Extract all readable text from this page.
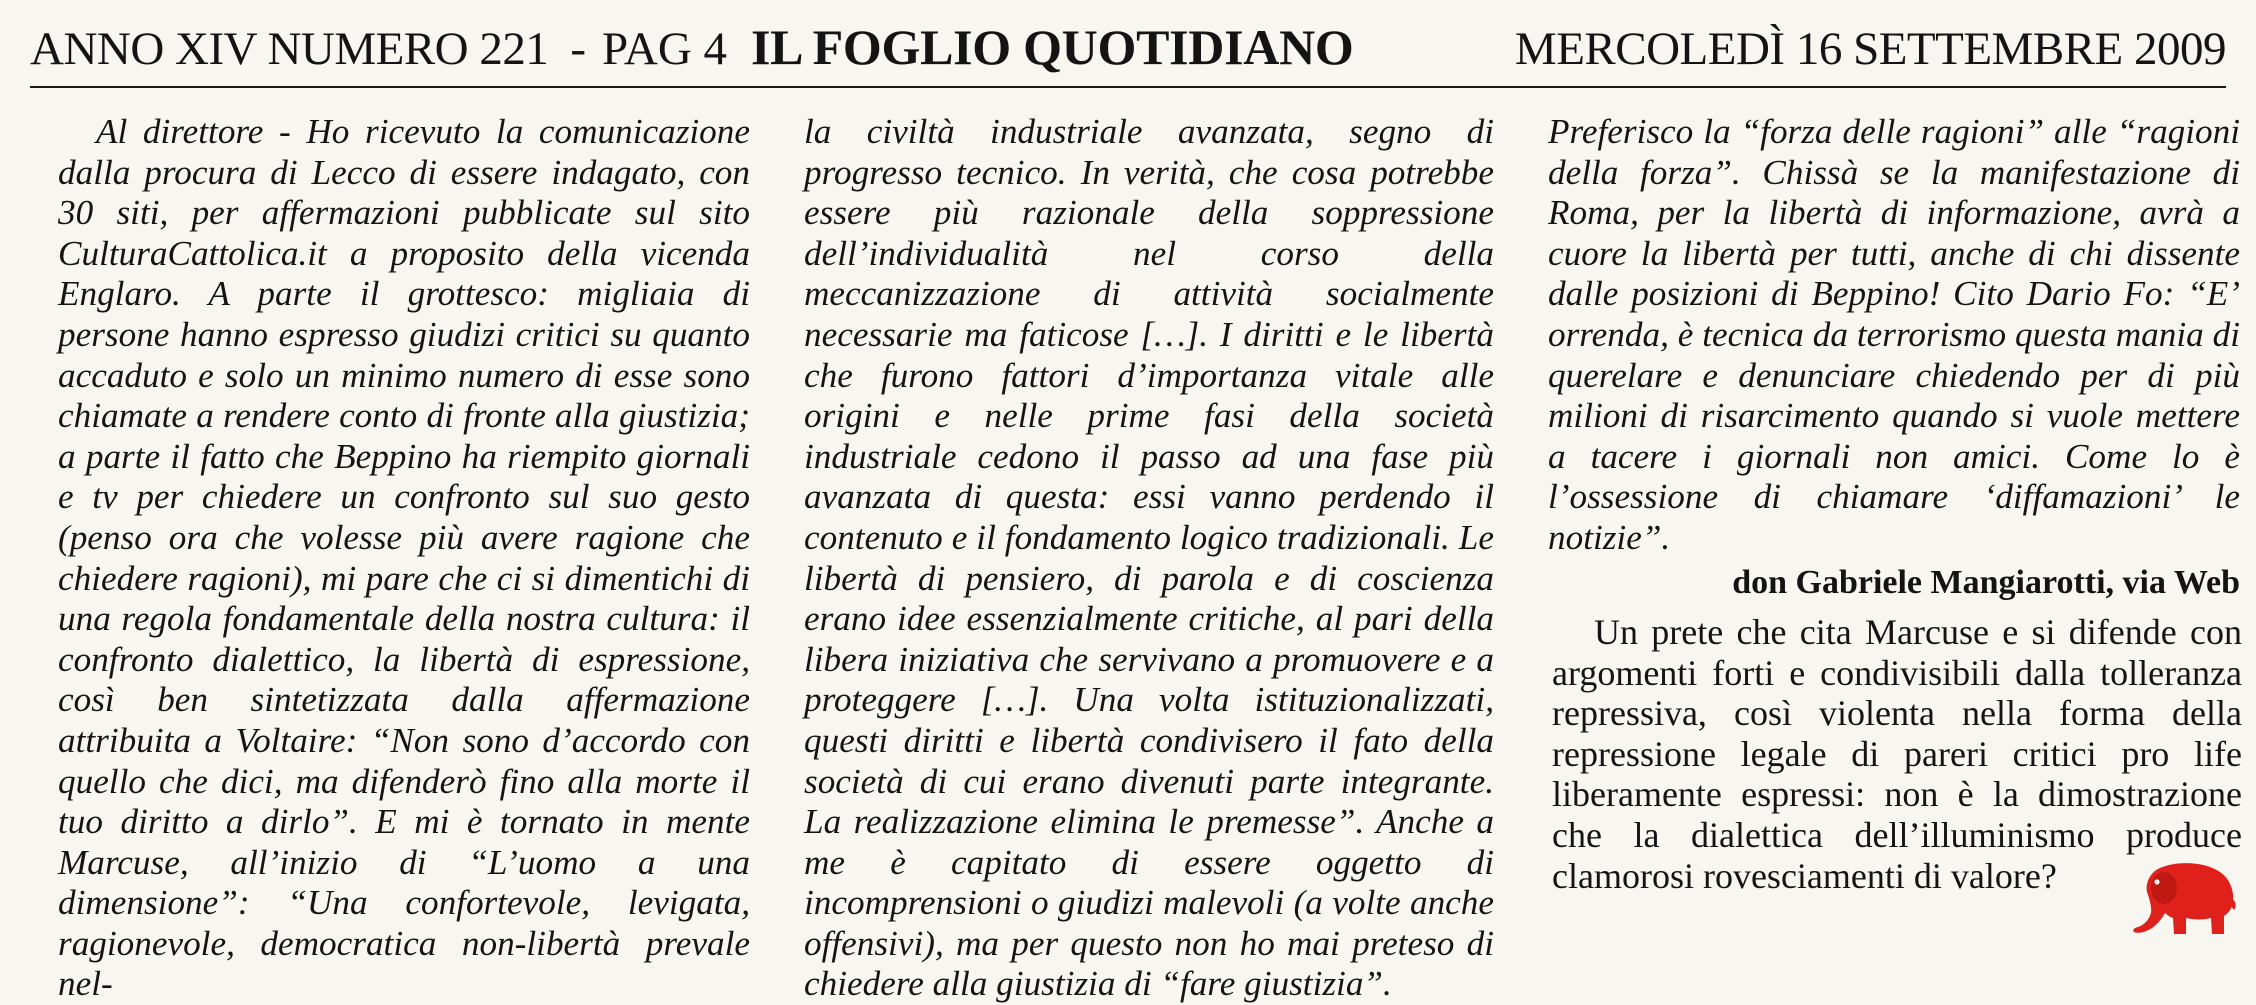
ANNO XIV NUMERO 221 - PAG 4 IL FOGLIO QUOTIDIANO	MERCOLEDÌ 16 SETTEMBRE 2009

Al direttore - Ho ricevuto la comunicazione dalla procura di Lecco di essere indagato, con 30 siti, per affermazioni pubblicate sul sito CulturaCattolica.it a proposito della vicenda Englaro. A parte il grottesco: migliaia di persone hanno espresso giudizi critici su quanto accaduto e solo un minimo numero di esse sono chiamate a rendere conto di fronte alla giustizia; a parte il fatto che Beppino ha riempito giornali e tv per chiedere un confronto sul suo gesto (penso ora che volesse più avere ragione che chiedere ragioni), mi pare che ci si dimentichi di una regola fondamentale della nostra cultura: il confronto dialettico, la libertà di espressione, così ben sintetizzata dalla affermazione attribuita a Voltaire: “Non sono d’accordo con quello che dici, ma difenderò fino alla morte il tuo diritto a dirlo”. E mi è tornato in mente Marcuse, all’inizio di “L’uomo a una dimensione”: “Una confortevole, levigata, ragionevole, democratica non-libertà prevale nel-

la civiltà industriale avanzata, segno di progresso tecnico. In verità, che cosa potrebbe essere più razionale della soppressione dell’individualità nel corso della meccanizzazione di attività socialmente necessarie ma faticose […]. I diritti e le libertà che furono fattori d’importanza vitale alle origini e nelle prime fasi della società industriale cedono il passo ad una fase più avanzata di questa: essi vanno perdendo il contenuto e il fondamento logico tradizionali. Le libertà di pensiero, di parola e di coscienza erano idee essenzialmente critiche, al pari della libera iniziativa che servivano a promuovere e a proteggere […]. Una volta istituzionalizzati, questi diritti e libertà condivisero il fato della società di cui erano divenuti parte integrante. La realizzazione elimina le premesse”. Anche a me è capitato di essere oggetto di incomprensioni o giudizi malevoli (a volte anche offensivi), ma per questo non ho mai preteso di chiedere alla giustizia di “fare giustizia”.

Preferisco la “forza delle ragioni” alle “ragioni della forza”. Chissà se la manifestazione di Roma, per la libertà di informazione, avrà a cuore la libertà per tutti, anche di chi dissente dalle posizioni di Beppino! Cito Dario Fo: “E’ orrenda, è tecnica da terrorismo questa mania di querelare e denunciare chiedendo per di più milioni di risarcimento quando si vuole mettere a tacere i giornali non amici. Come lo è l’ossessione di chiamare ‘diffamazioni’ le notizie”.

don Gabriele Mangiarotti, via Web

Un prete che cita Marcuse e si difende con argomenti forti e condivisibili dalla tolleranza repressiva, così violenta nella forma della repressione legale di pareri critici pro life liberamente espressi: non è la dimostrazione che la dialettica dell’illuminismo produce clamorosi rovesciamenti di valore?
